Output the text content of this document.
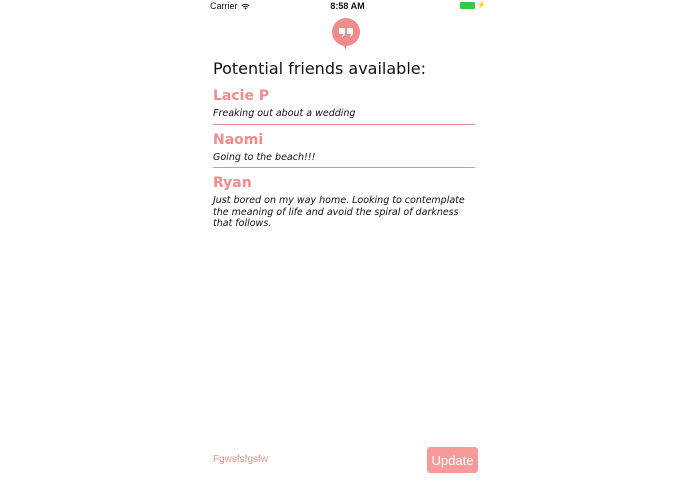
Carrier	8:58 AM	⚡
Potential friends available:
Lacie P
Freaking out about a wedding
Naomi
Going to the beach!!!
Ryan
Just bored on my way home. Looking to contemplate the meaning of life and avoid the spiral of darkness that follows.
Fgwsfsfgsfw	Update
